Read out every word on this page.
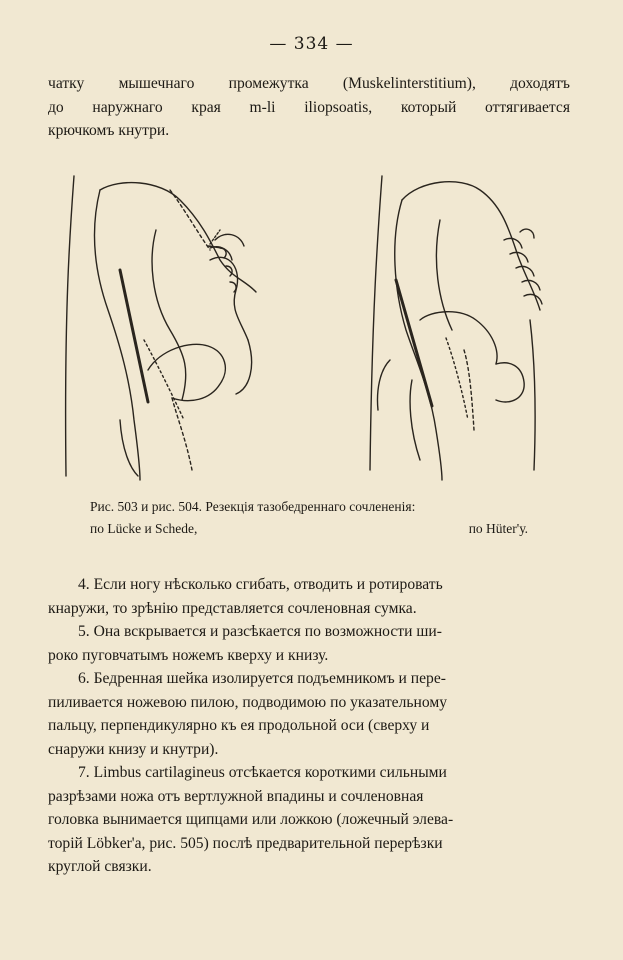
— 334 —
чатку мышечнаго промежутка (Muskelinterstitium), доходятъ
до наружнаго края m-li iliopsoatis, который оттягивается
крючкомъ кнутри.
Рис. 503 и рис. 504. Резекція тазобедреннаго сочлененія:
по Lücke и Schede,	по Hüter'у.
4. Если ногу нѣсколько сгибать, отводить и ротировать
кнаружи, то зрѣнію представляется сочленовная сумка.
5. Она вскрывается и разсѣкается по возможности ши-
роко пуговчатымъ ножемъ кверху и книзу.
6. Бедренная шейка изолируется подъемникомъ и пере-
пиливается ножевою пилою, подводимою по указательному
пальцу, перпендикулярно къ ея продольной оси (сверху и
снаружи книзу и кнутри).
7. Limbus cartilagineus отсѣкается короткими сильными
разрѣзами ножа отъ вертлужной впадины и сочленовная
головка вынимается щипцами или ложкою (ложечный элева-
торій Löbker'a, рис. 505) послѣ предварительной перерѣзки
круглой связки.
